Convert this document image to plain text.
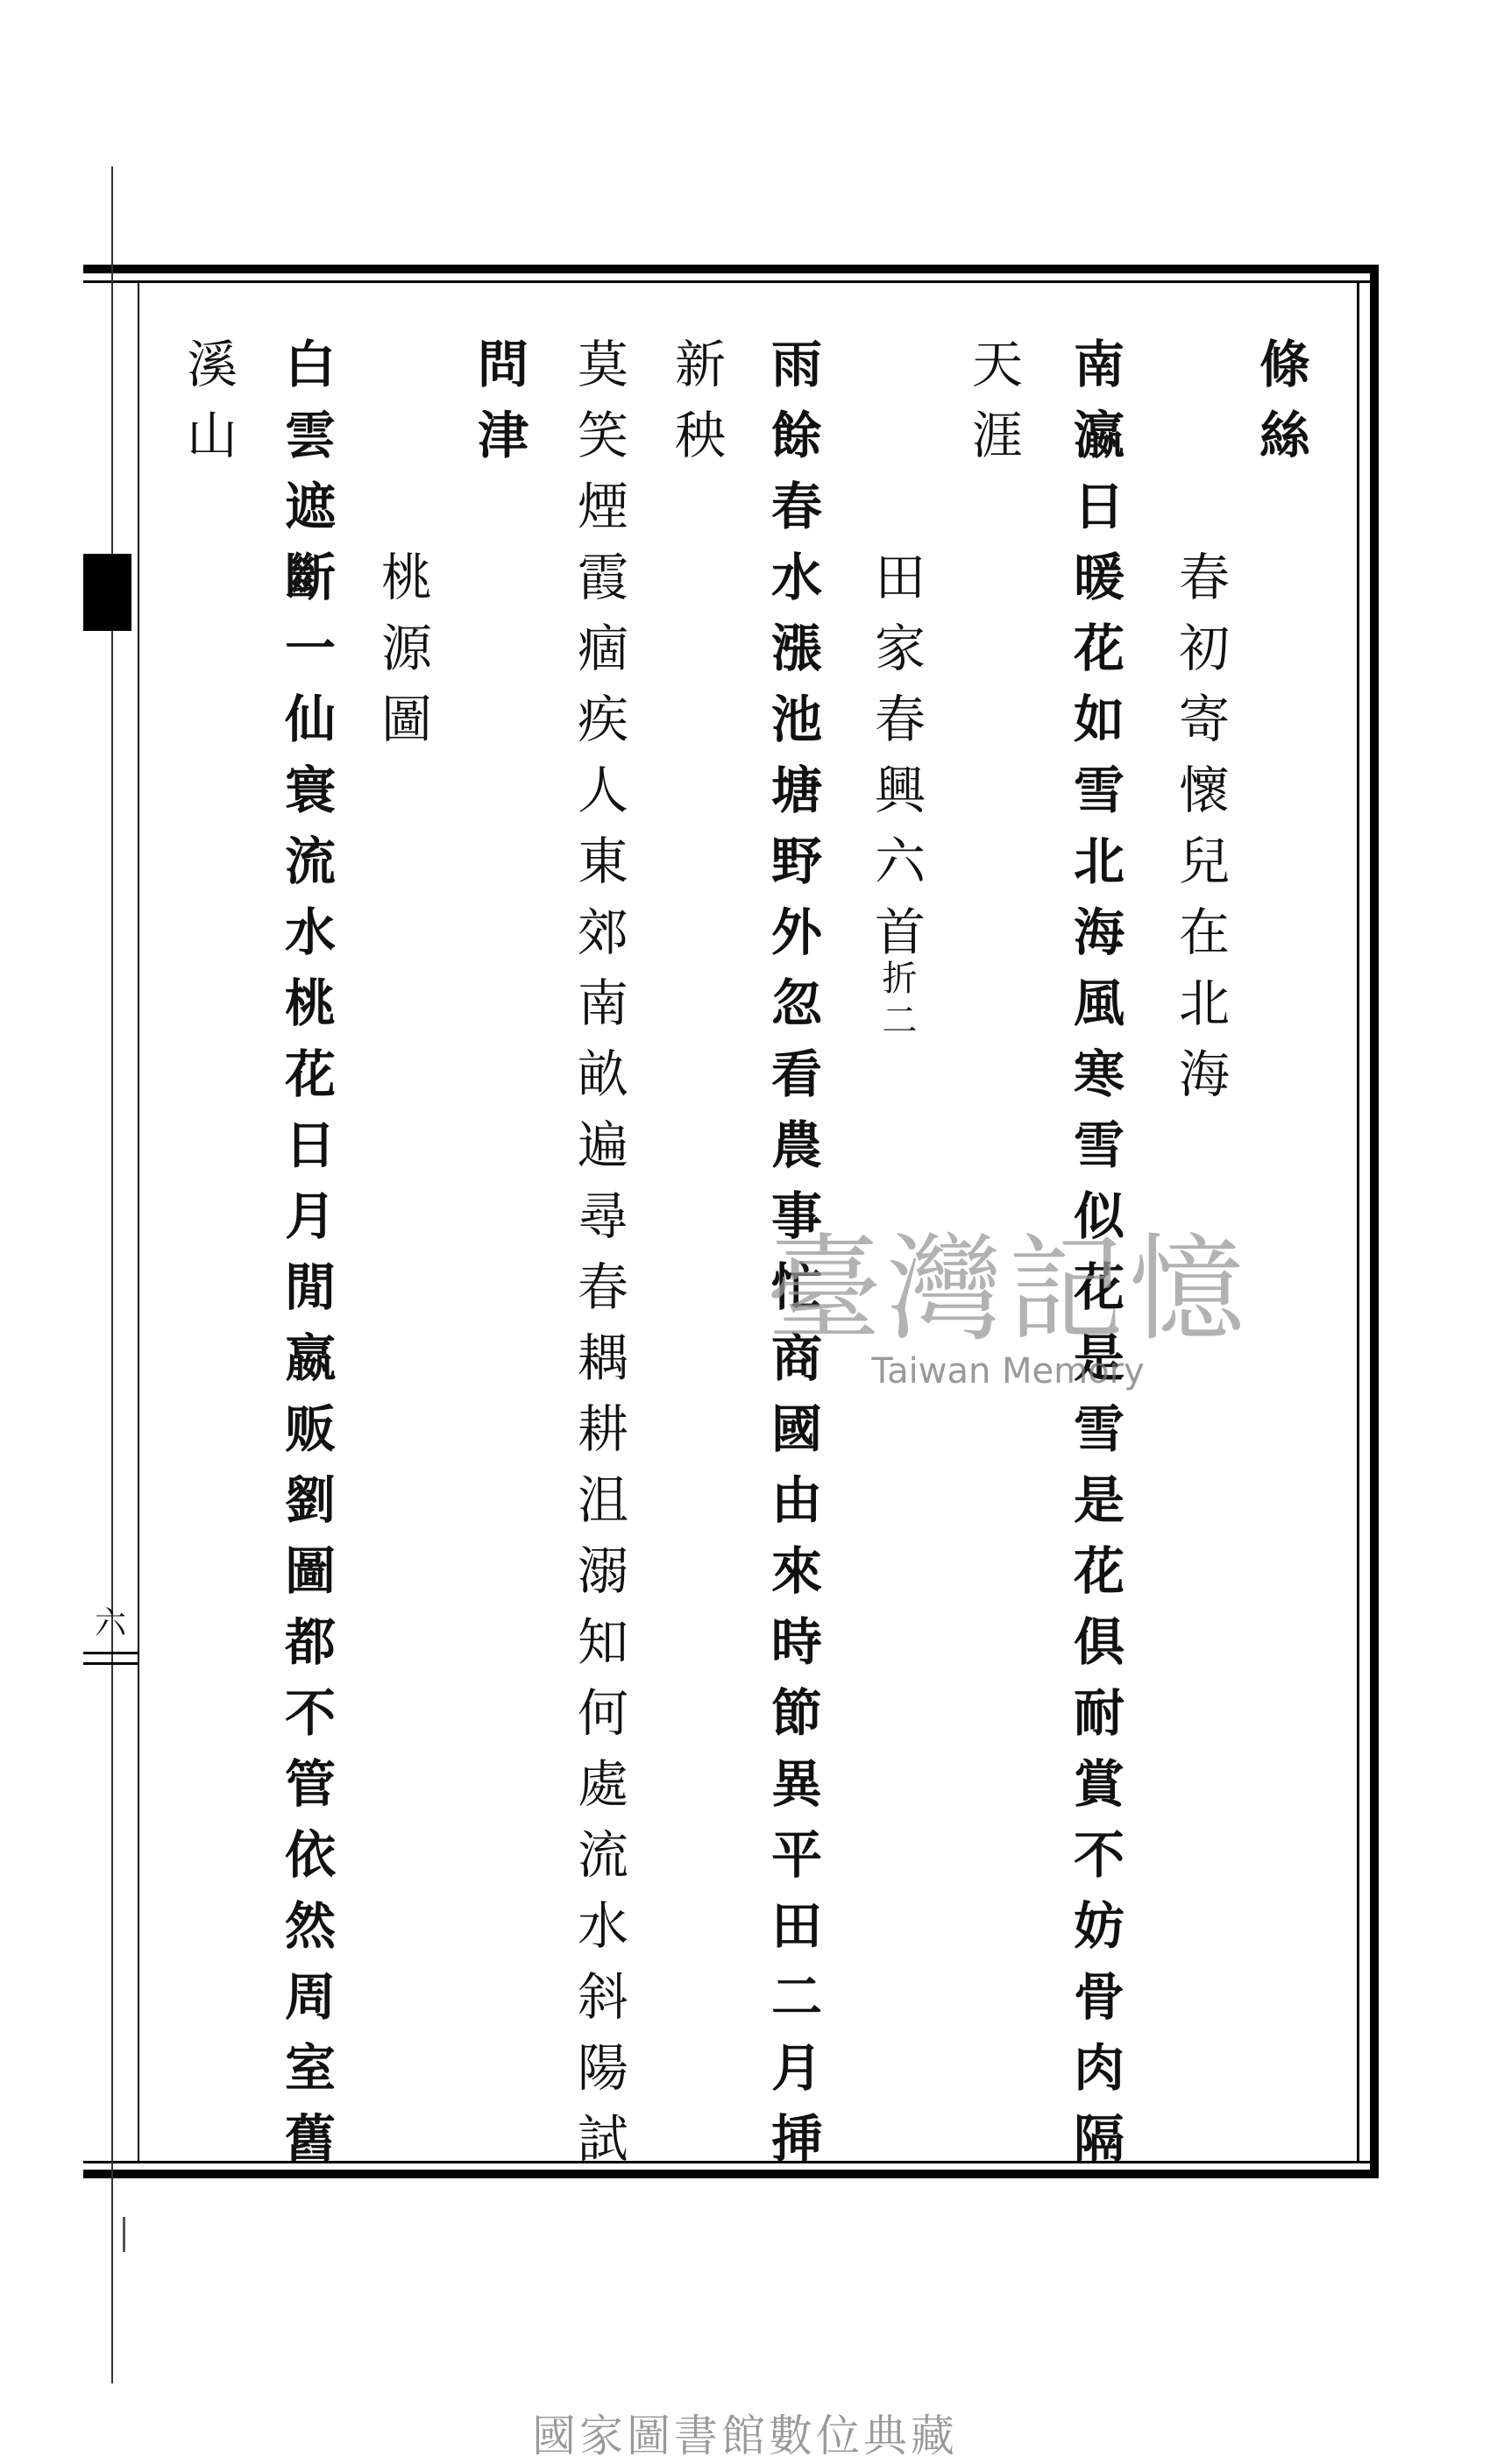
六

條絲

春初寄懷兒在北海

南瀛日暖花如雪北海風寒雪似花是雪是花俱耐賞不妨骨肉隔

天涯

田家春興六首

折二

雨餘春水漲池塘野外忽看農事忙商國由來時節異平田二月挿

新秧

莫笑煙霞痼疾人東郊南畝遍尋春耦耕沮溺知何處流水斜陽試

問津

桃源圖

白雲遮斷一仙寰流水桃花日月閒嬴贩劉圖都不管依然周室舊

溪山

臺灣記憶
Taiwan Memory
國家圖書館數位典藏
